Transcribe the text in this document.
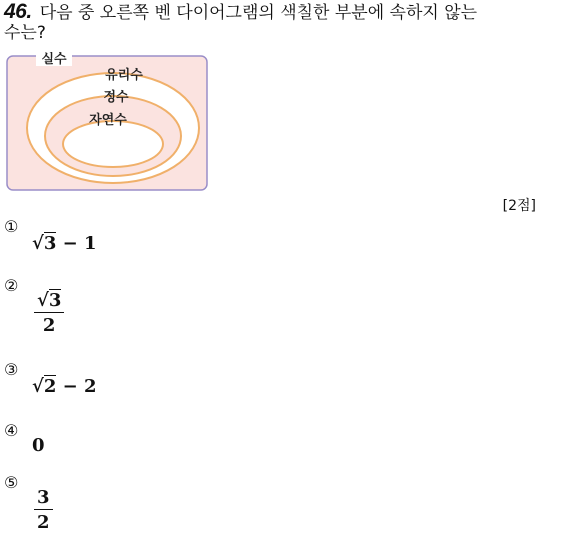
46. 다음 중 오른쪽 벤 다이어그램의 색칠한 부분에 속하지 않는
수는?
실수
유리수
정수
자연수
[2점]
①
√3 − 1
②
$\frac{√3}{2}$
③
√2 − 2
④
0
⑤
$\frac{3}{2}$
